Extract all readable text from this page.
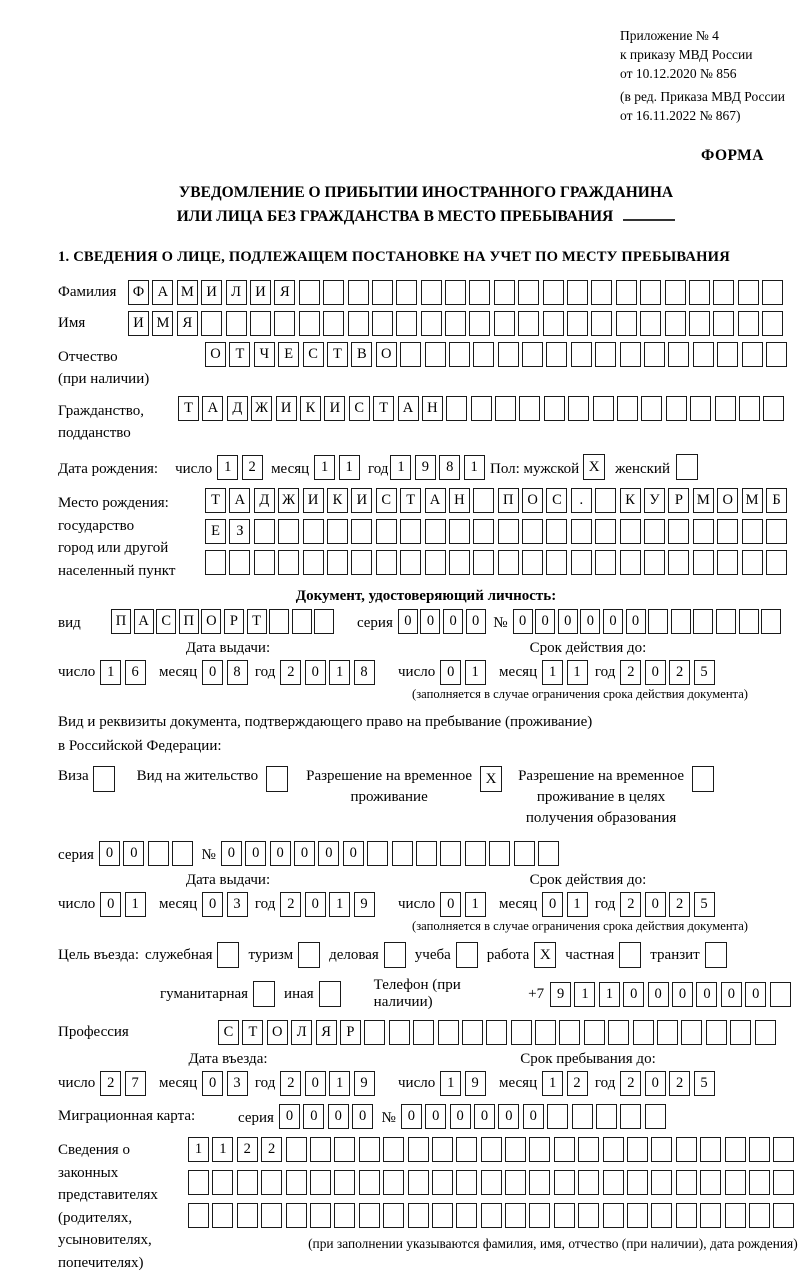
Приложение № 4
к приказу МВД России
от 10.12.2020 № 856
(в ред. Приказа МВД России
от 16.11.2022 № 867)
ФОРМА
УВЕДОМЛЕНИЕ О ПРИБЫТИИ ИНОСТРАННОГО ГРАЖДАНИНА
ИЛИ ЛИЦА БЕЗ ГРАЖДАНСТВА В МЕСТО ПРЕБЫВАНИЯ
1. СВЕДЕНИЯ О ЛИЦЕ, ПОДЛЕЖАЩЕМ ПОСТАНОВКЕ НА УЧЕТ ПО МЕСТУ ПРЕБЫВАНИЯ
Фамилия	Ф А М И Л И Я
Имя	И М Я
Отчество
(при наличии)
О	Т	Ч	Е	С	Т	В О
Гражданство,
подданство
Т	А Д Ж И К И С	Т	А Н
Дата рождения: число 1	2	месяц 1	1	год 1	9	8	1 Пол: мужской X	женский
Место рождения:
государство
город или другой
населенный пункт
Т	А Д Ж И К И С	Т	А Н	П О С	.	К У	Р М О М Б
Е	З
Документ, удостоверяющий личность:
вид	П А С П О Р Т	серия 0	0	0	0 № 0	0	0	0	0	0
Дата выдачи:
число 1	6	месяц 0	8 год 2	0	1	8
Срок действия до:
число 0	1	месяц 1	1 год 2	0	2	5
(заполняется в случае ограничения срока действия документа)
Вид и реквизиты документа, подтверждающего право на пребывание (проживание)
в Российской Федерации:
Виза	Вид на жительство	Разрешение на временное
проживание
X	Разрешение на временное
проживание в целях
получения образования
серия 0	0	№ 0	0	0	0	0	0
Дата выдачи:
число 0	1	месяц 0	3 год 2	0	1	9
Срок действия до:
число 0	1	месяц 0	1 год 2	0	2	5
(заполняется в случае ограничения срока действия документа)
Цель въезда: служебная туризм деловая учеба работа X частная транзит
гуманитарная иная
Телефон (при наличии)
+7 9	1	1	0	0	0	0	0	0
Профессия	С	Т	О Л	Я	Р
Дата въезда:
число 2	7	месяц 0	3 год 2	0	1	9
Срок пребывания до:
число 1	9	месяц 1	2 год 2	0	2	5
Миграционная карта:	серия 0	0	0	0	№ 0	0	0	0	0	0
Сведения о
законных
представителях
(родителях,
усыновителях,
попечителях)
1	1	2	2
(при заполнении указываются фамилия, имя, отчество (при наличии), дата рождения)
